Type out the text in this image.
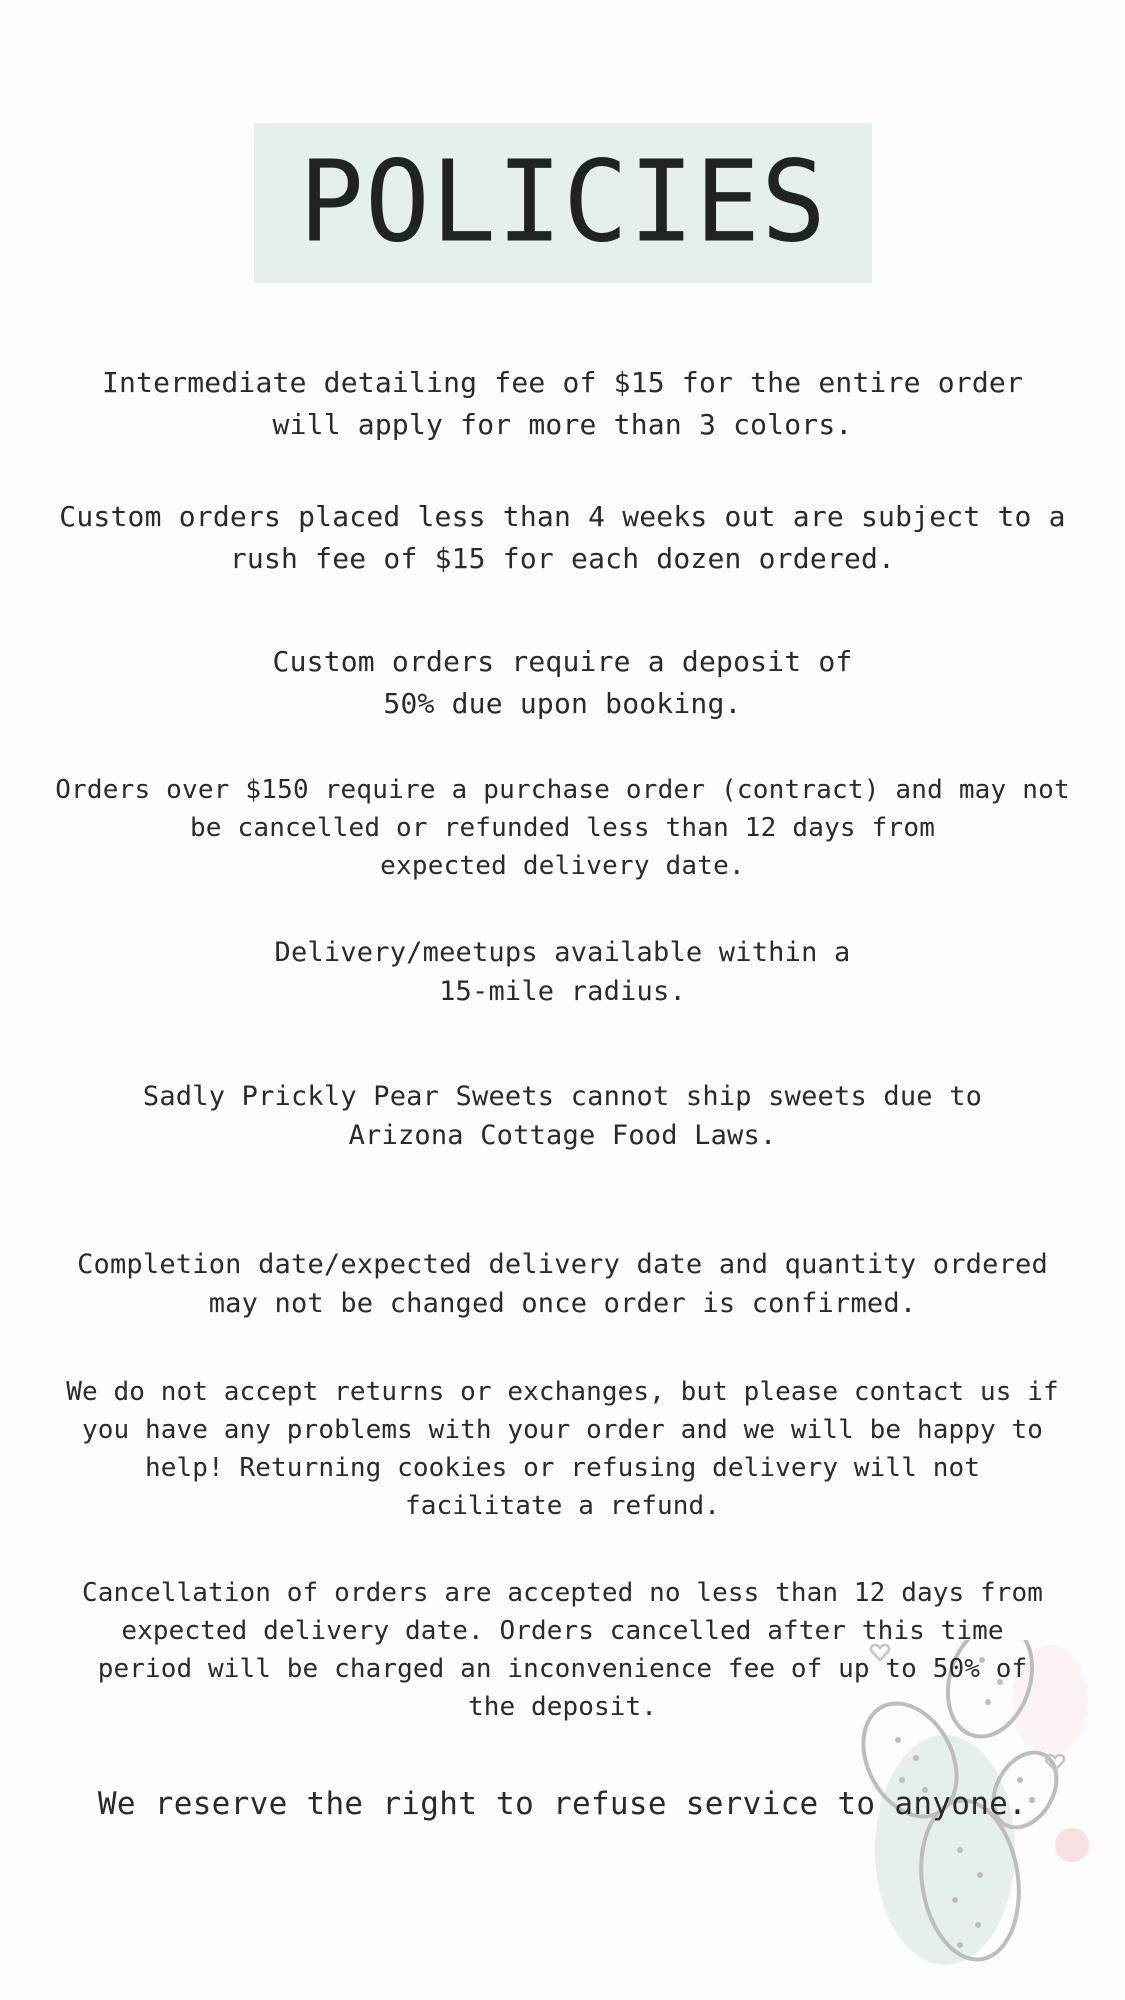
POLICIES

Intermediate detailing fee of $15 for the entire order
will apply for more than 3 colors.

Custom orders placed less than 4 weeks out are subject to a
rush fee of $15 for each dozen ordered.

Custom orders require a deposit of
50% due upon booking.

Orders over $150 require a purchase order (contract) and may not
be cancelled or refunded less than 12 days from
expected delivery date.

Delivery/meetups available within a
15-mile radius.

Sadly Prickly Pear Sweets cannot ship sweets due to
Arizona Cottage Food Laws.

Completion date/expected delivery date and quantity ordered
may not be changed once order is confirmed.

We do not accept returns or exchanges, but please contact us if
you have any problems with your order and we will be happy to
help! Returning cookies or refusing delivery will not
facilitate a refund.

Cancellation of orders are accepted no less than 12 days from
expected delivery date. Orders cancelled after this time
period will be charged an inconvenience fee of up to 50% of
the deposit.

We reserve the right to refuse service to anyone.
